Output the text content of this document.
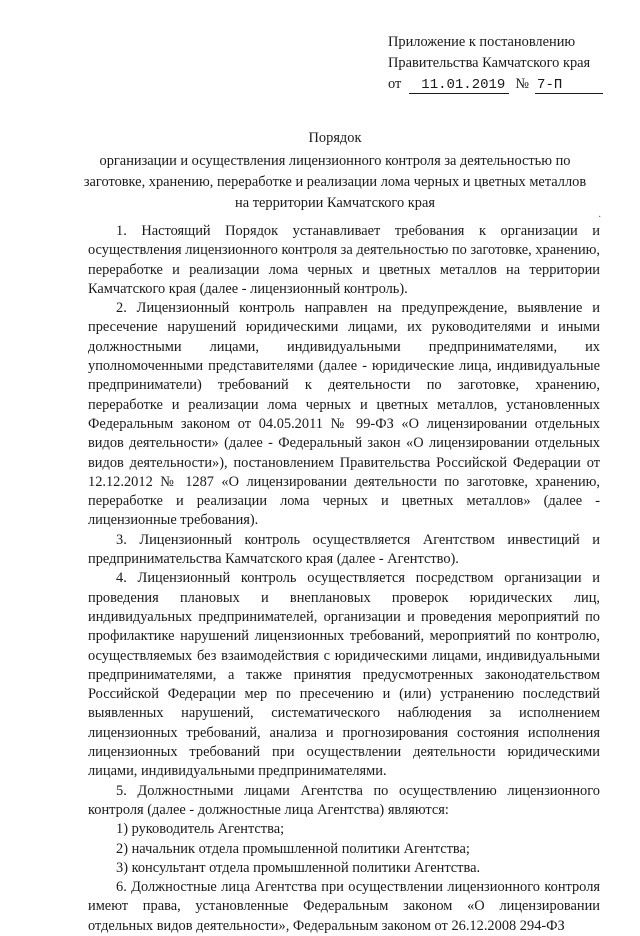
Приложение к постановлению
Правительства Камчатского края
от	11.01.2019 № 7-П
Порядок
организации и осуществления лицензионного контроля за деятельностью по заготовке, хранению, переработке и реализации лома черных и цветных металлов на территории Камчатского края
·

1. Настоящий Порядок устанавливает требования к организации и осуществления лицензионного контроля за деятельностью по заготовке, хранению, переработке и реализации лома черных и цветных металлов на территории Камчатского края (далее - лицензионный контроль).

2. Лицензионный контроль направлен на предупреждение, выявление и пресечение нарушений юридическими лицами, их руководителями и иными должностными лицами, индивидуальными предпринимателями, их уполномоченными представителями (далее - юридические лица, индивидуальные предприниматели) требований к деятельности по заготовке, хранению, переработке и реализации лома черных и цветных металлов, установленных Федеральным законом от 04.05.2011 № 99-ФЗ «О лицензировании отдельных видов деятельности» (далее - Федеральный закон «О лицензировании отдельных видов деятельности»), постановлением Правительства Российской Федерации от 12.12.2012 № 1287 «О лицензировании деятельности по заготовке, хранению, переработке и реализации лома черных и цветных металлов» (далее - лицензионные требования).

3. Лицензионный контроль осуществляется Агентством инвестиций и предпринимательства Камчатского края (далее - Агентство).

4. Лицензионный контроль осуществляется посредством организации и проведения плановых и внеплановых проверок юридических лиц, индивидуальных предпринимателей, организации и проведения мероприятий по профилактике нарушений лицензионных требований, мероприятий по контролю, осуществляемых без взаимодействия с юридическими лицами, индивидуальными предпринимателями, а также принятия предусмотренных законодательством Российской Федерации мер по пресечению и (или) устранению последствий выявленных нарушений, систематического наблюдения за исполнением лицензионных требований, анализа и прогнозирования состояния исполнения лицензионных требований при осуществлении деятельности юридическими лицами, индивидуальными предпринимателями.

5. Должностными лицами Агентства по осуществлению лицензионного контроля (далее - должностные лица Агентства) являются:

1) руководитель Агентства;

2) начальник отдела промышленной политики Агентства;

3) консультант отдела промышленной политики Агентства.

6. Должностные лица Агентства при осуществлении лицензионного контроля имеют права, установленные Федеральным законом «О лицензировании отдельных видов деятельности», Федеральным законом от 26.12.2008 294-ФЗ
